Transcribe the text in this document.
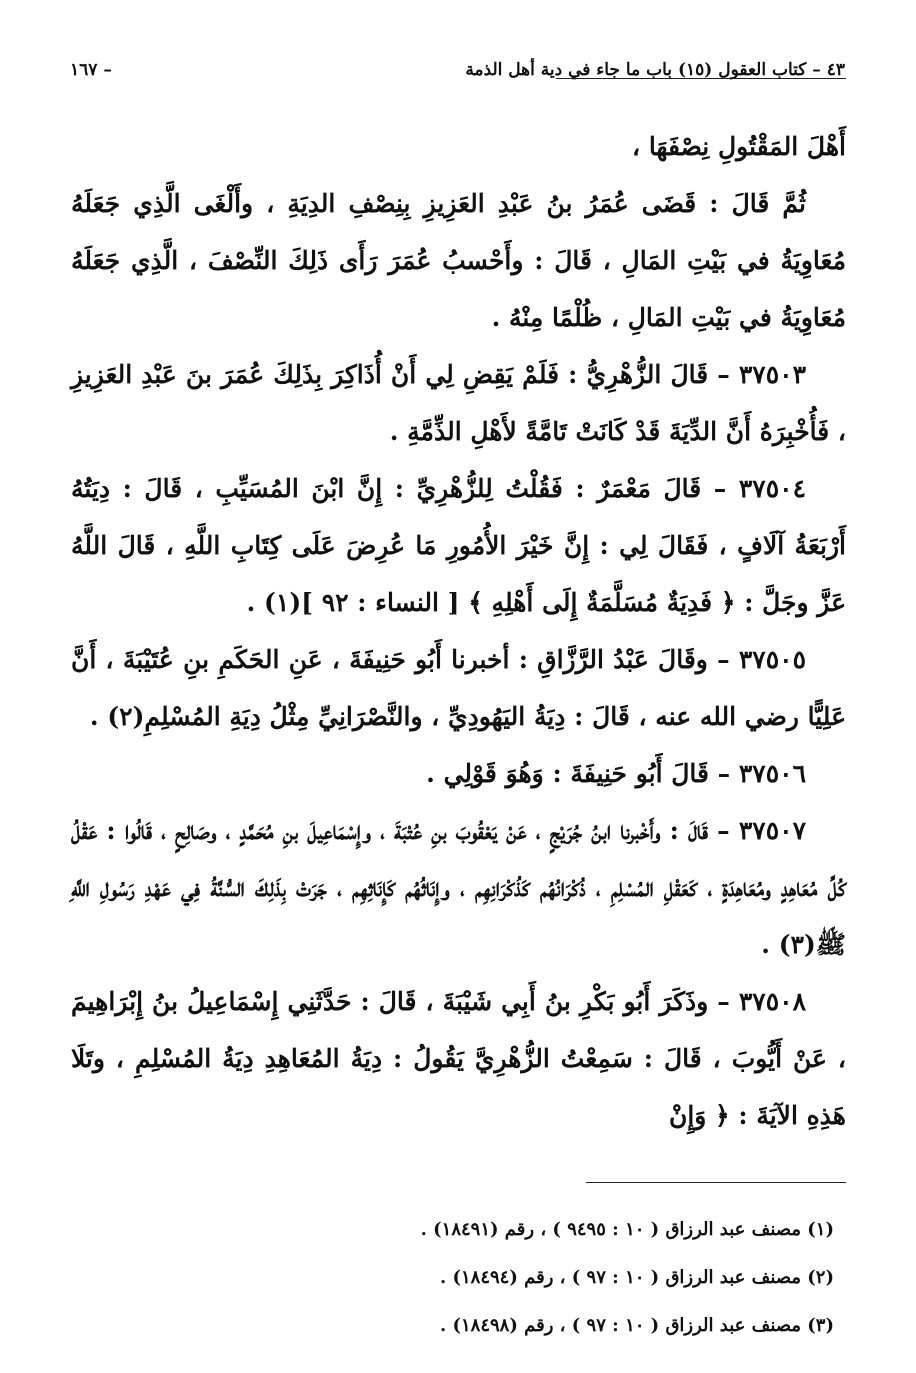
٤٣ – كتاب العقول (١٥) باب ما جاء في دية أهل الذمة
– ١٦٧

أَهْلَ المَقْتُولِ نِصْفَهَا ،

ثُمَّ قَالَ : قَضَى عُمَرُ بنُ عَبْدِ العَزِيزِ بِنِصْفِ الدِيَةِ ، وأَلْغَى الَّذِي جَعَلَهُ مُعَاوِيَةُ في بَيْتِ المَالِ ، قَالَ : وأَحْسبُ عُمَرَ رَأَى ذَلِكَ النِّصْفَ ، الَّذِي جَعَلَهُ مُعَاوِيَةُ في بَيْتِ المَالِ ، ظُلْمًا مِنْهُ .

٣٧٥٠٣ – قَالَ الزُّهْرِيُّ : فَلَمْ يَقِضِ لِي أَنْ أُذَاكِرَ بِذَلِكَ عُمَرَ بنَ عَبْدِ العَزِيزِ ، فَأُخْبِرَهُ أَنَّ الدِّيَةَ قَدْ كَانَتْ تَامَّةً لأَهْلِ الذِّمَّةِ .

٣٧٥٠٤ – قَالَ مَعْمَرٌ : فَقُلْتُ لِلزُّهْرِيِّ : إِنَّ ابْنَ المُسَيِّبِ ، قَالَ : دِيَتُهُ أَرْبَعَةُ آلَافٍ ، فَقَالَ لِي : إِنَّ خَيْرَ الأُمُورِ مَا عُرِضَ عَلَى كِتَابِ اللَّهِ ، قَالَ اللَّهُ عَزَّ وجَلَّ : ﴿ فَدِيَةٌ مُسَلَّمَةٌ إِلَى أَهْلِهِ ﴾ [ النساء : ٩٢ ](١) .

٣٧٥٠٥ – وقَالَ عَبْدُ الرَّزَّاقِ : أخبرنا أَبُو حَنِيفَةَ ، عَنِ الحَكَمِ بنِ عُتَيْبَةَ ، أَنَّ عَلِيًّا رضي الله عنه ، قَالَ : دِيَةُ اليَهُودِيِّ ، والنَّصْرَانِيِّ مِثْلُ دِيَةِ المُسْلِمِ(٢) .

٣٧٥٠٦ – قَالَ أَبُو حَنِيفَةَ : وَهُوَ قَوْلِي .

٣٧٥٠٧ – قَالَ : وأَخْبرنا ابنُ جُرَيْجٍ ، عَنْ يَعْقُوبَ بنِ عُتْبَةَ ، وإِسْمَاعِيلَ بنِ مُحَمَّدٍ ، وصَالِحٍ ، قَالُوا : عَقْلُ كُلِّ مُعَاهِدٍ ومُعَاهِدَةٍ ، كَعَقْلِ المُسْلِمِ ، ذُكْرَانُهُم كَذُكْرَانِهِم ، وإِنَاثُهُم كَإِنَاثِهِم ، جَرَتْ بِذَلِكَ السُّنَّةُ فِي عَهْدِ رَسُولِ اللَّهِ ﷺ(٣) .

٣٧٥٠٨ – وذَكَرَ أَبُو بَكْرِ بنُ أَبِي شَيْبَةَ ، قَالَ : حَدَّثَنِي إِسْمَاعِيلُ بنُ إِبْرَاهِيمَ ، عَنْ أَيُّوبَ ، قَالَ : سَمِعْتُ الزُّهْرِيَّ يَقُولُ : دِيَةُ المُعَاهِدِ دِيَةُ المُسْلِمِ ، وتَلَا هَذِهِ الآيَةَ : ﴿ وَإِنْ

(١) مصنف عبد الرزاق ( ١٠ : ٩٤٩٥ ) ، رقم (١٨٤٩١) .
(٢) مصنف عبد الرزاق ( ١٠ : ٩٧ ) ، رقم (١٨٤٩٤) .
(٣) مصنف عبد الرزاق ( ١٠ : ٩٧ ) ، رقم (١٨٤٩٨) .
